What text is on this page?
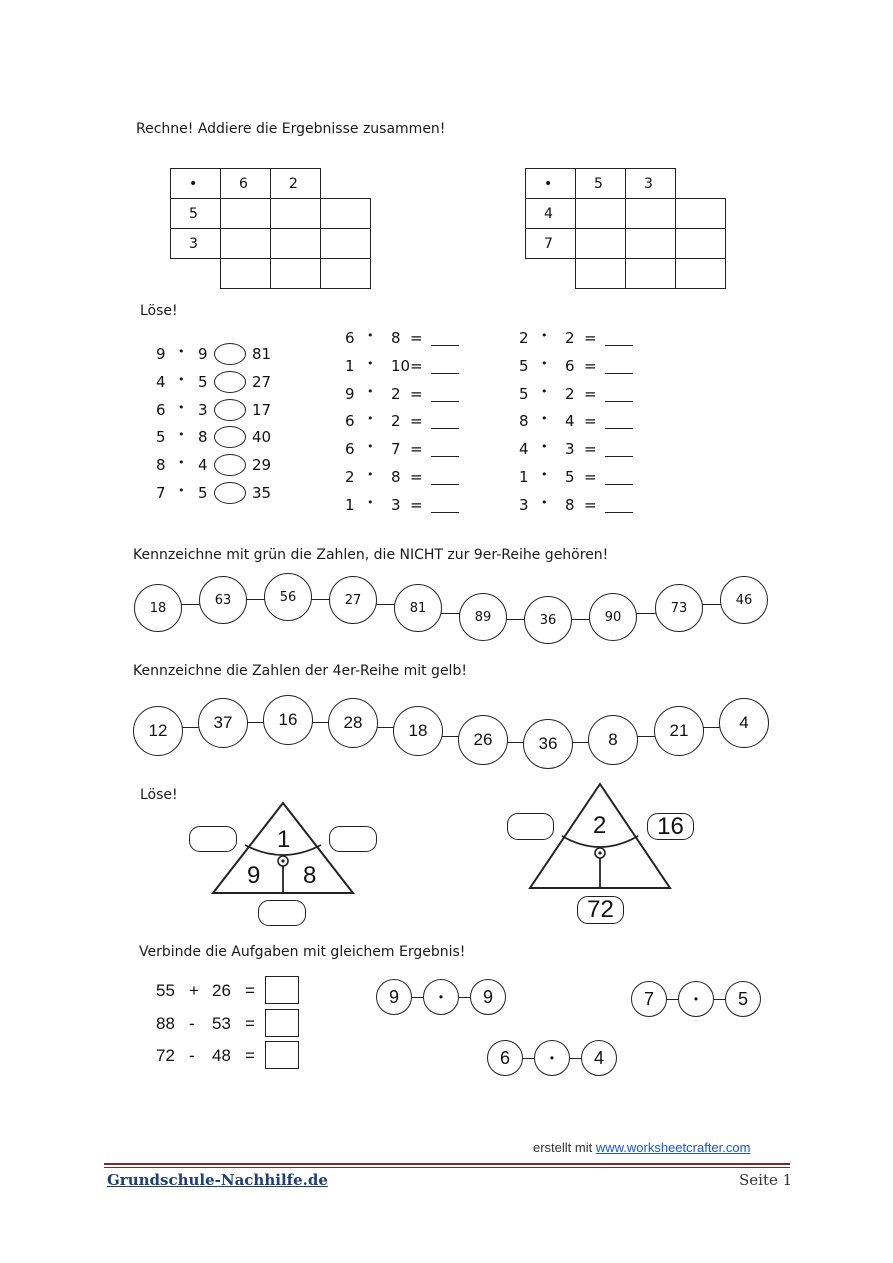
Rechne! Addiere die Ergebnisse zusammen!
•	6	2	
5			
3			

•	5	3	
4			
7			

Löse!
9 • 9	81
4 • 5	27
6 • 3	17
5 • 8	40
8 • 4	29
7 • 5	35
6 • 8 =
1 • 10 =
9 • 2 =
6 • 2 =
6 • 7 =
2 • 8 =
1 • 3 =
2 • 2 =
5 • 6 =
5 • 2 =
8 • 4 =
4 • 3 =
1 • 5 =
3 • 8 =
Kennzeichne mit grün die Zahlen, die NICHT zur 9er-Reihe gehören!
18
63	56	27
81
89	36	90
73
46
Kennzeichne die Zahlen der 4er-Reihe mit gelb!
12	37	16	28	18	26	36	8	21	4
Löse!
1
9 8
2	16
72
Verbinde die Aufgaben mit gleichem Ergebnis!
55 + 26 =
88 - 53 =
72 - 48 =
9	•	9	7	•	5
6	•	4
erstellt mit www.worksheetcrafter.com
Grundschule-Nachhilfe.de	Seite 1
